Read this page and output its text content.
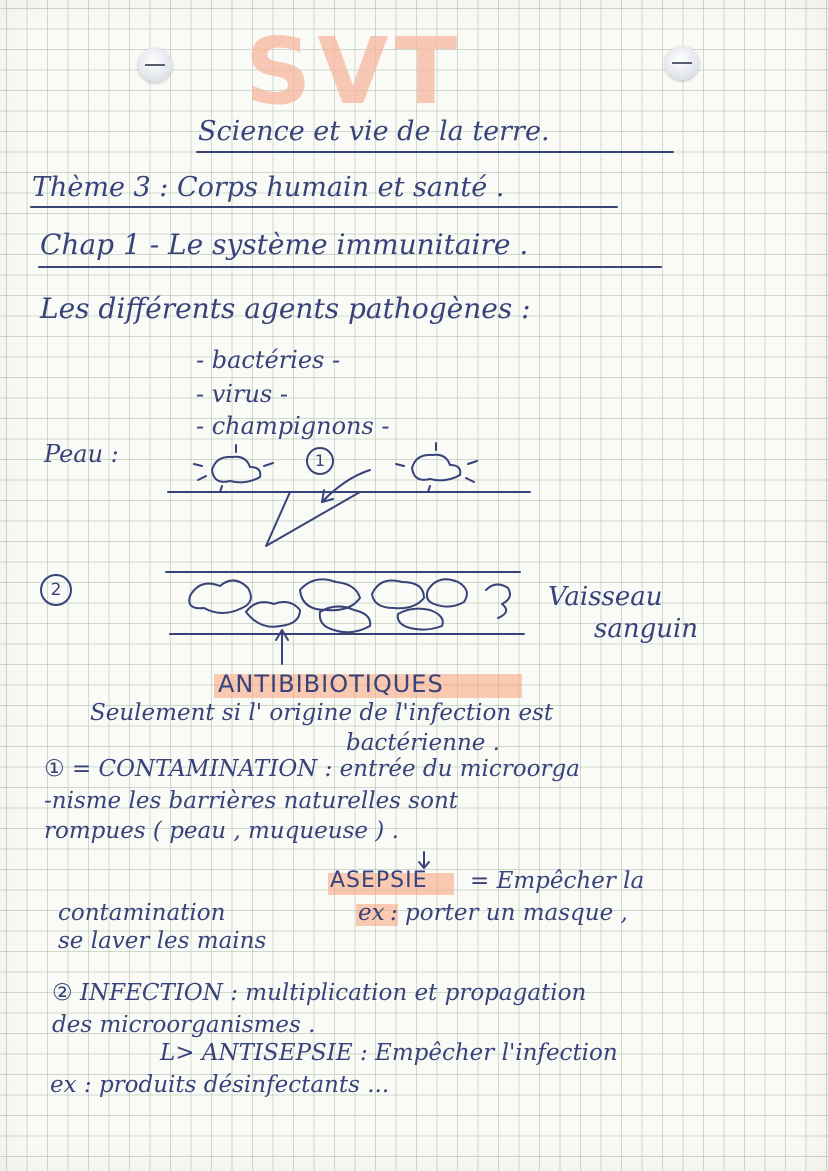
SVT
Science et vie de la terre.
Thème 3 : Corps humain et santé .
Chap 1 - Le système immunitaire .
Les différents agents pathogènes :
- bactéries -
- virus -
- champignons -
Peau :	1
2	Vaisseau
sanguin
ANTIBIBIOTIQUES
Seulement si l' origine de l'infection est
bactérienne .
① = CONTAMINATION : entrée du microorga
-nisme les barrières naturelles sont
rompues ( peau , muqueuse ) .
ASEPSIE = Empêcher la
contamination	ex : porter un masque ,
se laver les mains
② INFECTION : multiplication et propagation
des microorganismes .
L> ANTISEPSIE : Empêcher l'infection
ex : produits désinfectants ...
